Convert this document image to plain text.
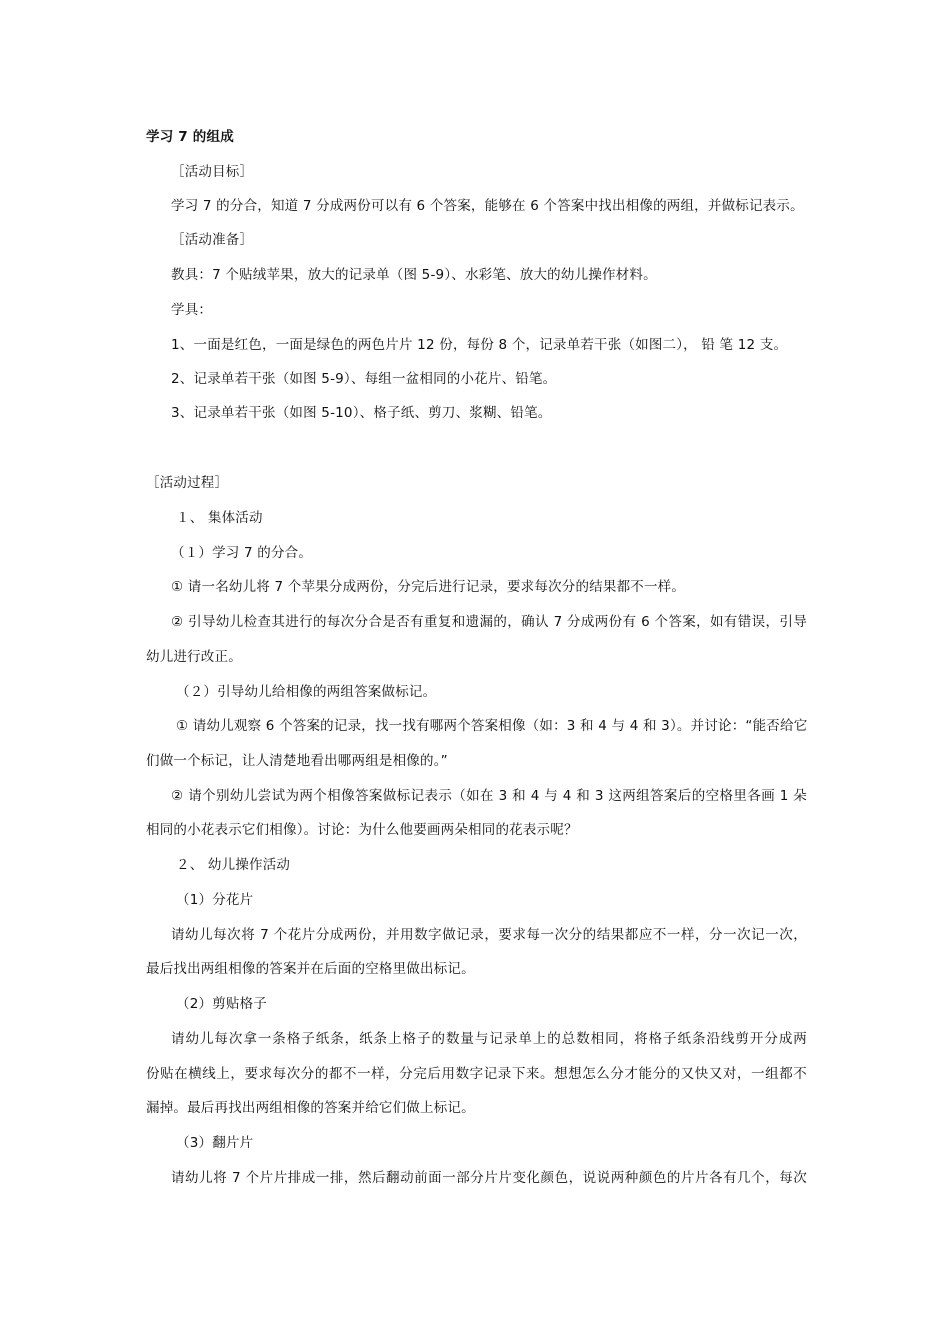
学习 7 的组成
［活动目标］
学习 7 的分合，知道 7 分成两份可以有 6 个答案，能够在 6 个答案中找出相像的两组，并做标记表示。
［活动准备］
教具：7 个贴绒苹果，放大的记录单（图 5-9）、水彩笔、放大的幼儿操作材料。
学具：
1、一面是红色，一面是绿色的两色片片 12 份，每份 8 个，记录单若干张（如图二）， 铅 笔 12 支。
2、记录单若干张（如图 5-9）、每组一盆相同的小花片、铅笔。
3、记录单若干张（如图 5-10）、格子纸、剪刀、浆糊、铅笔。
［活动过程］
１、 集体活动
（１）学习 7 的分合。
① 请一名幼儿将 7 个苹果分成两份，分完后进行记录，要求每次分的结果都不一样。
② 引导幼儿检查其进行的每次分合是否有重复和遗漏的，确认 7 分成两份有 6 个答案，如有错误，引导
幼儿进行改正。
（２）引导幼儿给相像的两组答案做标记。
① 请幼儿观察 6 个答案的记录，找一找有哪两个答案相像（如：3 和 4 与 4 和 3）。并讨论：“能否给它
们做一个标记，让人清楚地看出哪两组是相像的。”
② 请个别幼儿尝试为两个相像答案做标记表示（如在 3 和 4 与 4 和 3 这两组答案后的空格里各画 1 朵
相同的小花表示它们相像）。讨论：为什么他要画两朵相同的花表示呢？
２、 幼儿操作活动
（1）分花片
请幼儿每次将 7 个花片分成两份，并用数字做记录，要求每一次分的结果都应不一样，分一次记一次，
最后找出两组相像的答案并在后面的空格里做出标记。
（2）剪贴格子
请幼儿每次拿一条格子纸条，纸条上格子的数量与记录单上的总数相同，将格子纸条沿线剪开分成两
份贴在横线上，要求每次分的都不一样，分完后用数字记录下来。想想怎么分才能分的又快又对，一组都不
漏掉。最后再找出两组相像的答案并给它们做上标记。
（3）翻片片
请幼儿将 7 个片片排成一排，然后翻动前面一部分片片变化颜色，说说两种颜色的片片各有几个，每次
